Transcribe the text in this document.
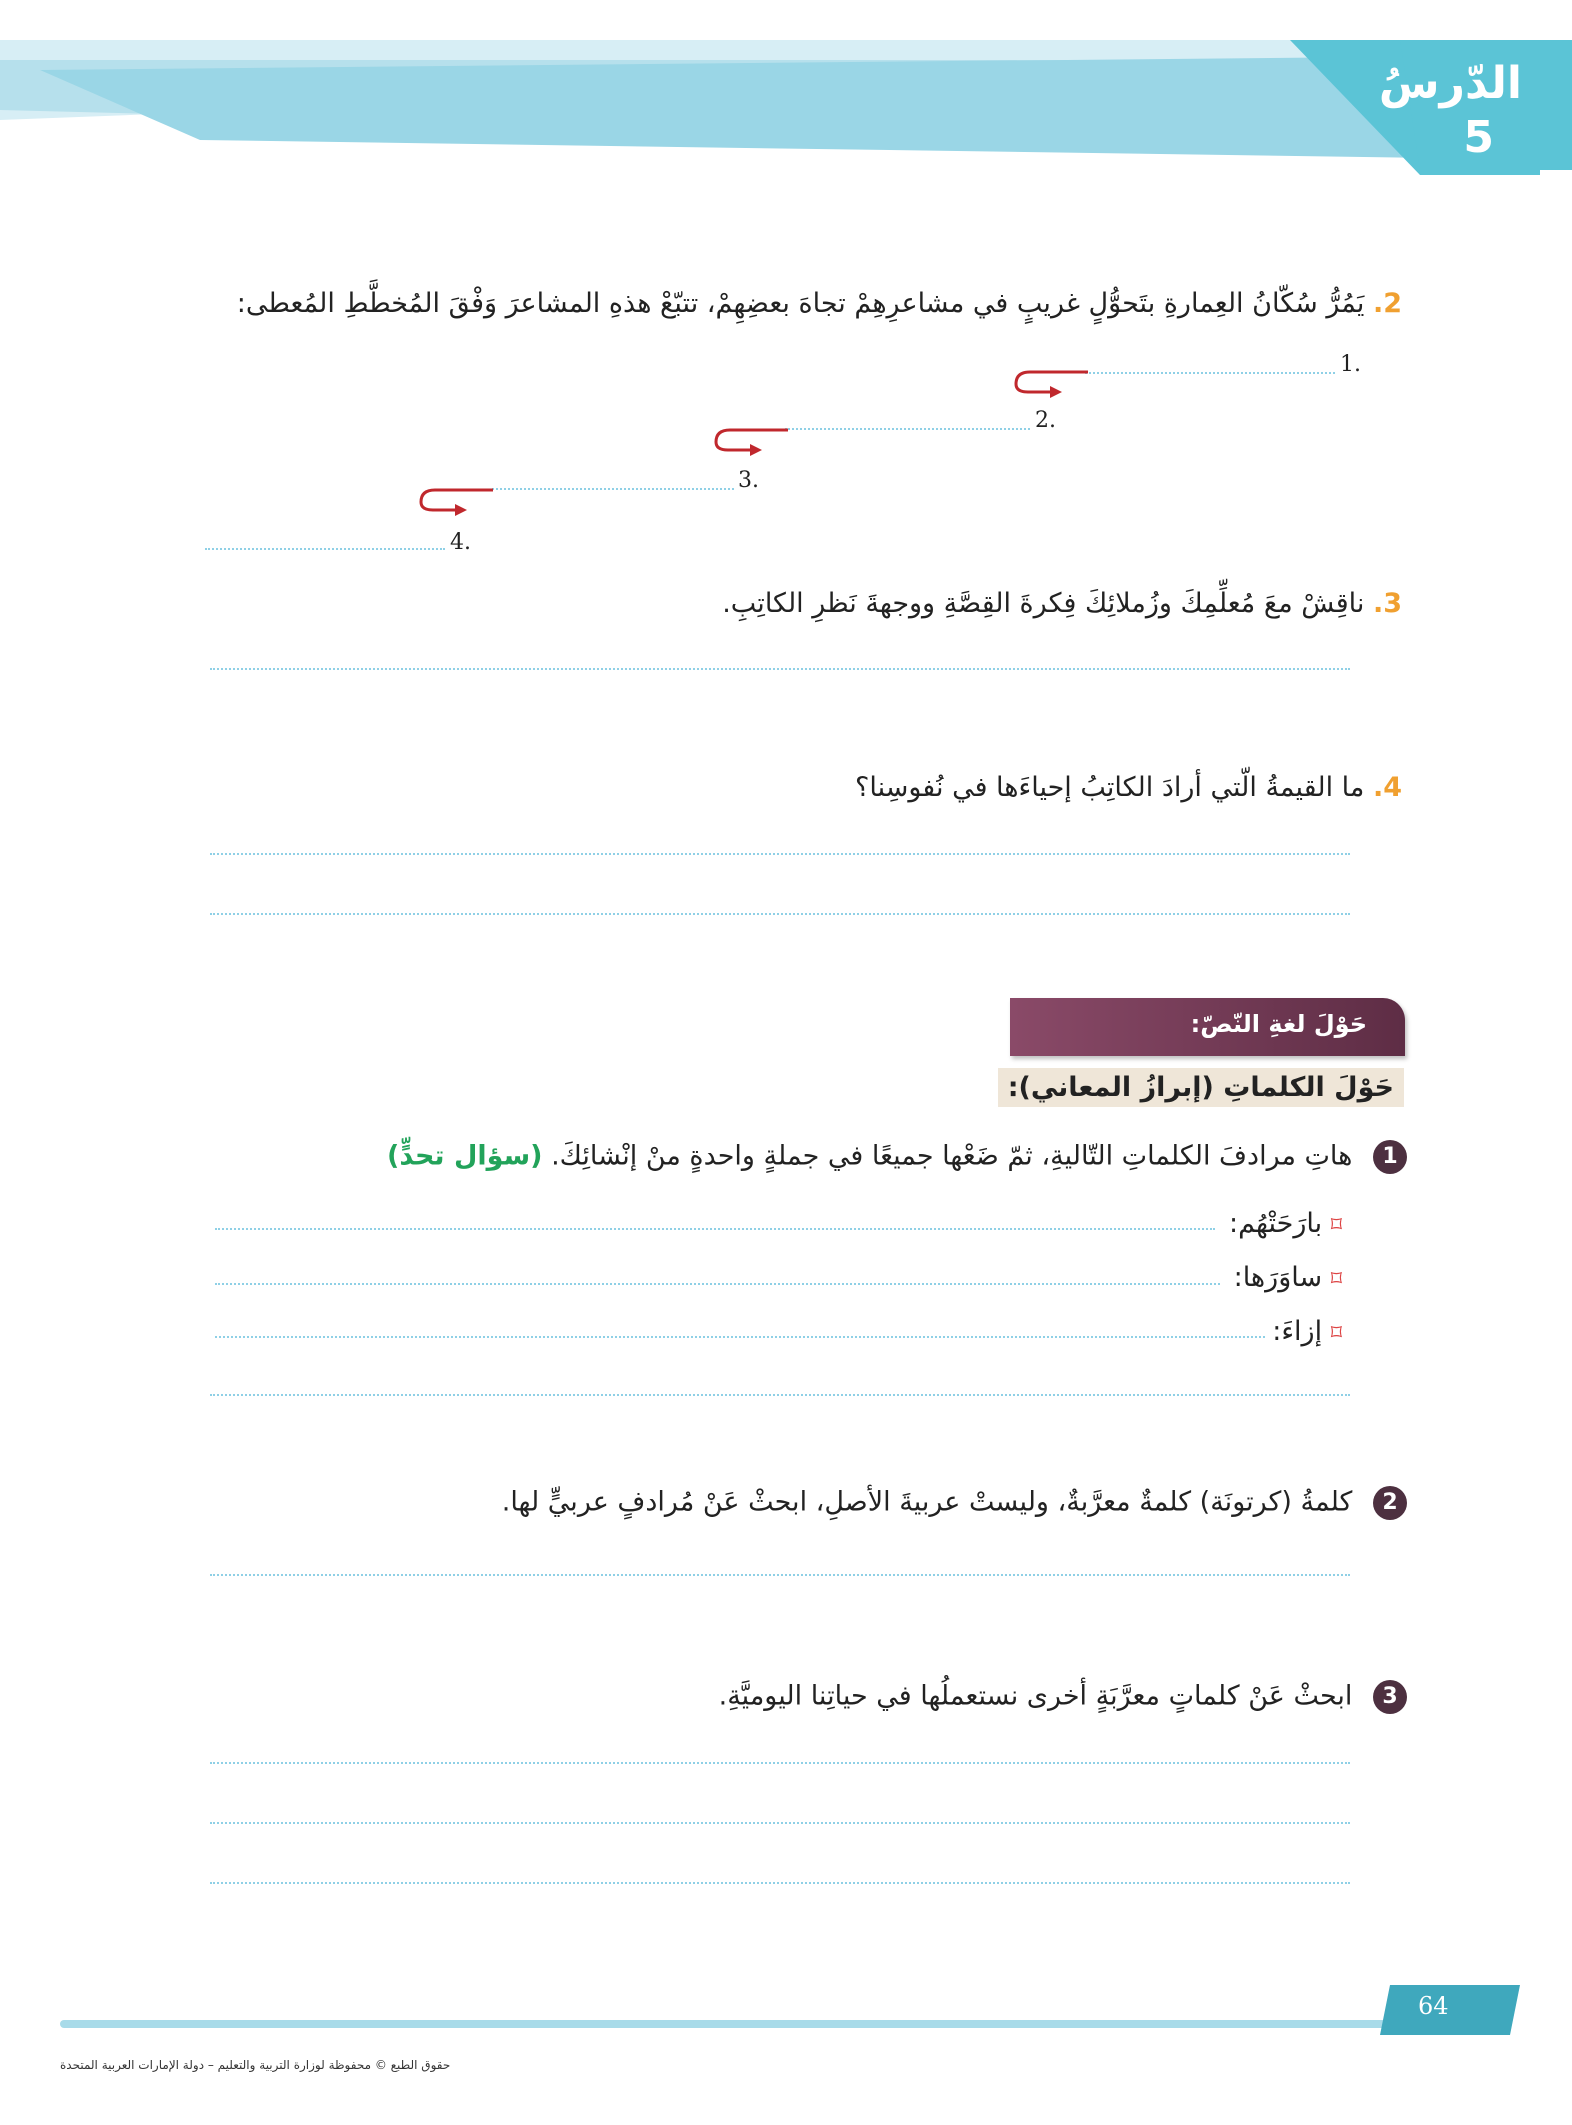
الدّرسُ
5
2. يَمُرُّ سُكّانُ العِمارةِ بتَحوُّلٍ غريبٍ في مشاعرِهِمْ تجاهَ بعضِهِمْ، تتبّعْ هذهِ المشاعرَ وَفْقَ المُخطَّطِ المُعطى:
1.
2.
3.
4.
3. ناقِشْ معَ مُعلِّمِكَ وزُملائِكَ فِكرةَ القِصَّةِ ووجهةَ نَظرِ الكاتِبِ.
4. ما القيمةُ الّتي أرادَ الكاتِبُ إحياءَها في نُفوسِنا؟
حَوْلَ لغةِ النّصّ:
حَوْلَ الكلماتِ (إبرازُ المعاني):
1 هاتِ مرادفَ الكلماتِ التّاليةِ، ثمّ ضَعْها جميعًا في جملةٍ واحدةٍ منْ إنْشائِكَ. (سؤال تحدٍّ)
⌑ بارَحَتْهُم:
⌑ ساوَرَها:
⌑ إزاءَ:
2 كلمةُ (كرتونَة) كلمةٌ معرَّبةٌ، وليستْ عربيةَ الأصلِ، ابحثْ عَنْ مُرادفٍ عربيٍّ لها.
3 ابحثْ عَنْ كلماتٍ معرَّبَةٍ أخرى نستعملُها في حياتِنا اليوميَّةِ.
64
حقوق الطبع © محفوظة لوزارة التربية والتعليم – دولة الإمارات العربية المتحدة
